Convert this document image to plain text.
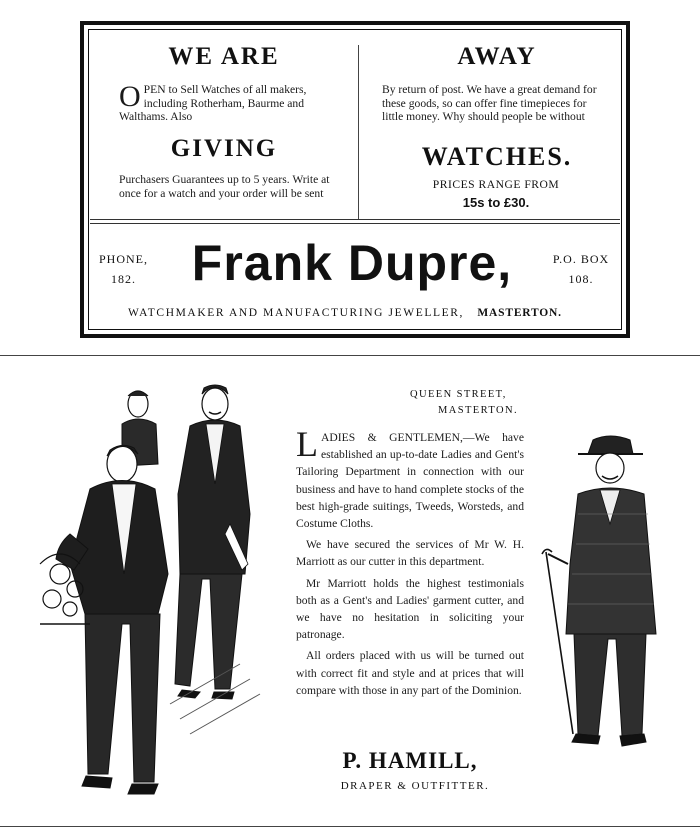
WE ARE
OPEN to Sell Watches of all makers, including Rotherham, Baurme and Walthams. Also
GIVING
Purchasers Guarantees up to 5 years. Write at once for a watch and your order will be sent
AWAY
By return of post. We have a great demand for these goods, so can offer fine timepieces for little money. Why should people be without
WATCHES.
PRICES RANGE FROM
15s to £30.
PHONE,
182.	Frank Dupre,	P.O. BOX
108.
WATCHMAKER AND MANUFACTURING JEWELLER, MASTERTON.
QUEEN STREET,
MASTERTON.

LADIES & GENTLEMEN,—We have established an up-to-date Ladies and Gent's Tailoring Department in connection with our business and have to hand complete stocks of the best high-grade suitings, Tweeds, Worsteds, and Costume Cloths.

We have secured the services of Mr W. H. Marriott as our cutter in this department.

Mr Marriott holds the highest testimonials both as a Gent's and Ladies' garment cutter, and we have no hesitation in soliciting your patronage.

All orders placed with us will be turned out with correct fit and style and at prices that will compare with those in any part of the Dominion.

P. HAMILL,
DRAPER & OUTFITTER.
